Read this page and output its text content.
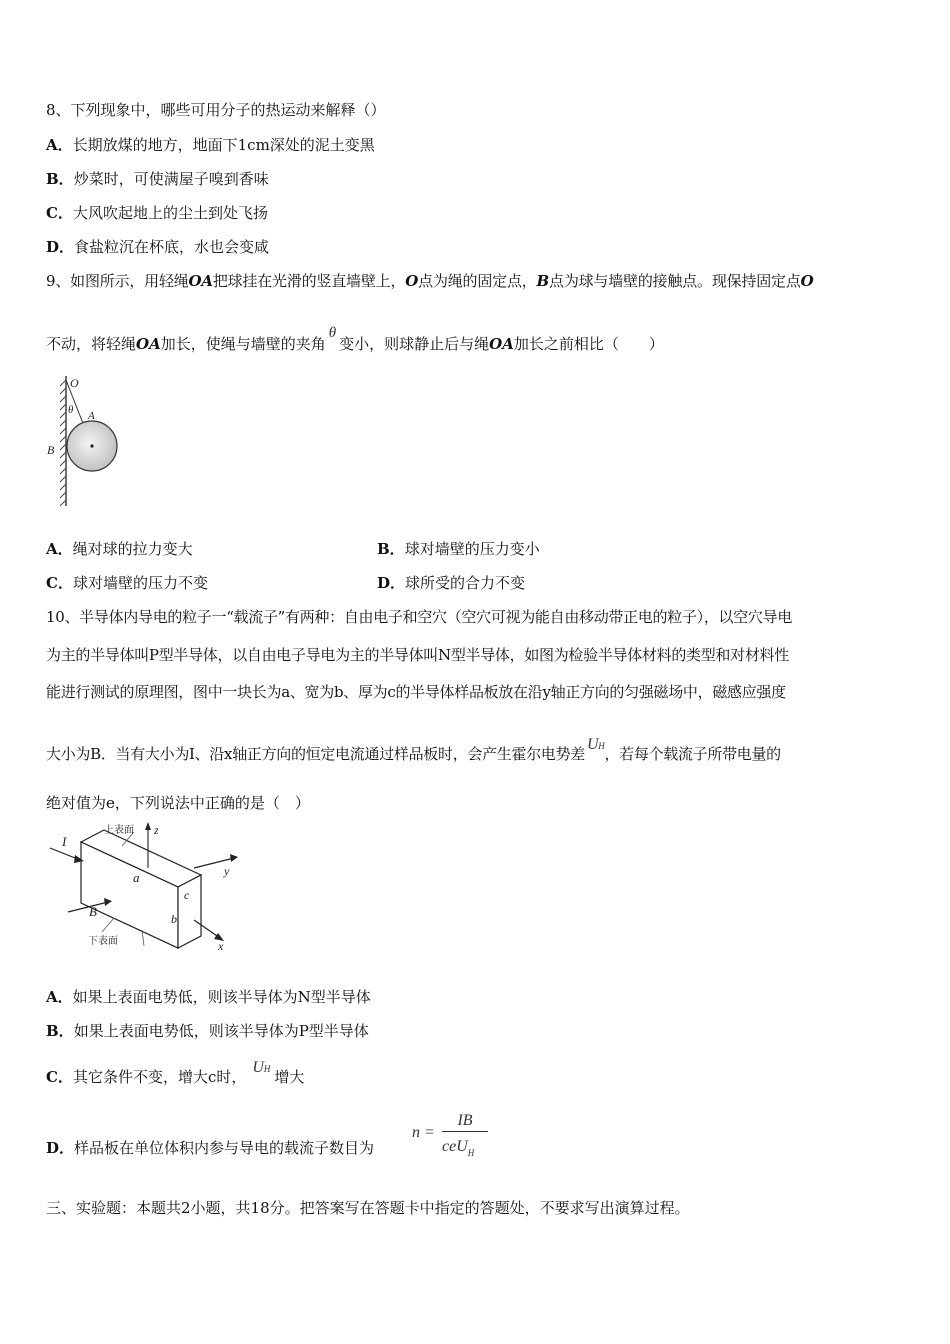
8、下列现象中，哪些可用分子的热运动来解释（）
A．长期放煤的地方，地面下1cm深处的泥土变黑
B．炒菜时，可使满屋子嗅到香味
C．大风吹起地上的尘土到处飞扬
D．食盐粒沉在杯底，水也会变咸
9、如图所示，用轻绳OA把球挂在光滑的竖直墙壁上，O点为绳的固定点，B点为球与墙壁的接触点。现保持固定点O
不动，将轻绳OA加长，使绳与墙壁的夹角θ变小，则球静止后与绳OA加长之前相比（　　）
O
θ A
B
A．绳对球的拉力变大	B．球对墙壁的压力变小
C．球对墙壁的压力不变	D．球所受的合力不变
10、半导体内导电的粒子一“载流子”有两种：自由电子和空穴（空穴可视为能自由移动带正电的粒子），以空穴导电
为主的半导体叫P型半导体，以自由电子导电为主的半导体叫N型半导体，如图为检验半导体材料的类型和对材料性
能进行测试的原理图，图中一块长为a、宽为b、厚为c的半导体样品板放在沿y轴正方向的匀强磁场中，磁感应强度
大小为B．当有大小为I、沿x轴正方向的恒定电流通过样品板时，会产生霍尔电势差UH，若每个载流子所带电量的
绝对值为e，下列说法中正确的是（　）
I
上表面 z
y
a
c
b
B
下表面	x
A．如果上表面电势低，则该半导体为N型半导体
B．如果上表面电势低，则该半导体为P型半导体
C．其它条件不变，增大c时，UH 增大
D．样品板在单位体积内参与导电的载流子数目为
n =
IB
ceU$_H$
三、实验题：本题共2小题，共18分。把答案写在答题卡中指定的答题处，不要求写出演算过程。
